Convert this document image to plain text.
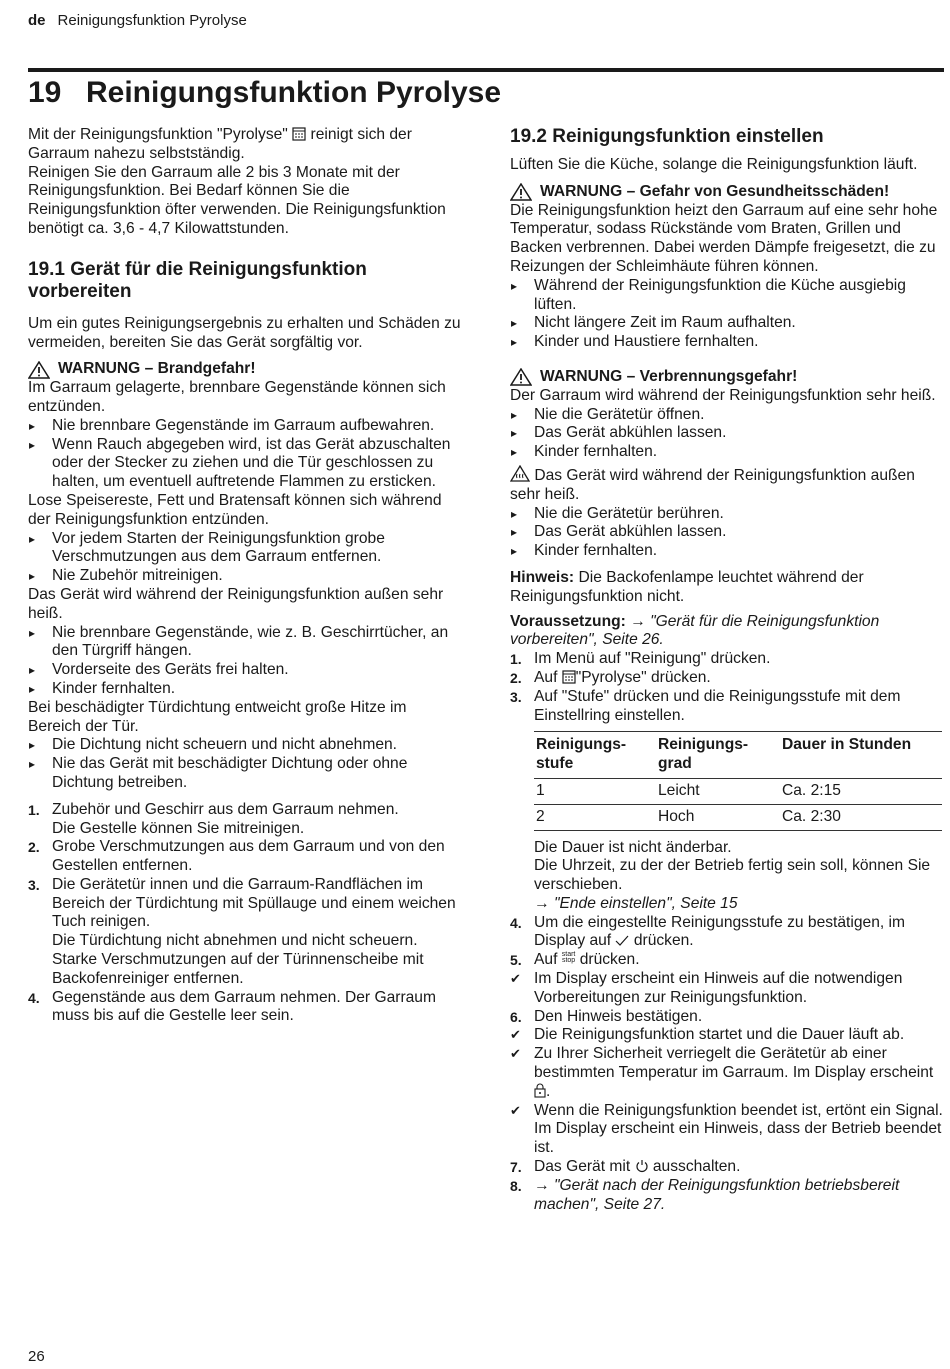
de Reinigungsfunktion Pyrolyse
19 Reinigungsfunktion Pyrolyse

Mit der Reinigungsfunktion "Pyrolyse" reinigt sich der Garraum nahezu selbstständig.

Reinigen Sie den Garraum alle 2 bis 3 Monate mit der Reinigungsfunktion. Bei Bedarf können Sie die Reinigungsfunktion öfter verwenden. Die Reinigungsfunktion benötigt ca. 3,6 - 4,7 Kilowattstunden.

19.1 Gerät für die Reinigungsfunktion vorbereiten

Um ein gutes Reinigungsergebnis zu erhalten und Schäden zu vermeiden, bereiten Sie das Gerät sorgfältig vor.

WARNUNG – Brandgefahr!

Im Garraum gelagerte, brennbare Gegenstände können sich entzünden.

▸ Nie brennbare Gegenstände im Garraum aufbewahren.
▸ Wenn Rauch abgegeben wird, ist das Gerät abzuschalten oder der Stecker zu ziehen und die Tür geschlossen zu halten, um eventuell auftretende Flammen zu ersticken.

Lose Speisereste, Fett und Bratensaft können sich während der Reinigungsfunktion entzünden.

▸ Vor jedem Starten der Reinigungsfunktion grobe Verschmutzungen aus dem Garraum entfernen.
▸ Nie Zubehör mitreinigen.

Das Gerät wird während der Reinigungsfunktion außen sehr heiß.

▸ Nie brennbare Gegenstände, wie z. B. Geschirrtücher, an den Türgriff hängen.
▸ Vorderseite des Geräts frei halten.
▸ Kinder fernhalten.

Bei beschädigter Türdichtung entweicht große Hitze im Bereich der Tür.

▸ Die Dichtung nicht scheuern und nicht abnehmen.
▸ Nie das Gerät mit beschädigter Dichtung oder ohne Dichtung betreiben.
1. Zubehör und Geschirr aus dem Garraum nehmen.
Die Gestelle können Sie mitreinigen.
2. Grobe Verschmutzungen aus dem Garraum und von den Gestellen entfernen.
3. Die Gerätetür innen und die Garraum-Randflächen im Bereich der Türdichtung mit Spüllauge und einem weichen Tuch reinigen.
Die Türdichtung nicht abnehmen und nicht scheuern.
Starke Verschmutzungen auf der Türinnenscheibe mit Backofenreiniger entfernen.
4. Gegenstände aus dem Garraum nehmen. Der Garraum muss bis auf die Gestelle leer sein.
19.2 Reinigungsfunktion einstellen

Lüften Sie die Küche, solange die Reinigungsfunktion läuft.

WARNUNG – Gefahr von Gesundheitsschäden!

Die Reinigungsfunktion heizt den Garraum auf eine sehr hohe Temperatur, sodass Rückstände vom Braten, Grillen und Backen verbrennen. Dabei werden Dämpfe freigesetzt, die zu Reizungen der Schleimhäute führen können.

▸ Während der Reinigungsfunktion die Küche ausgiebig lüften.
▸ Nicht längere Zeit im Raum aufhalten.
▸ Kinder und Haustiere fernhalten.
WARNUNG – Verbrennungsgefahr!

Der Garraum wird während der Reinigungsfunktion sehr heiß.

▸ Nie die Gerätetür öffnen.
▸ Das Gerät abkühlen lassen.
▸ Kinder fernhalten.

Das Gerät wird während der Reinigungsfunktion außen sehr heiß.

▸ Nie die Gerätetür berühren.
▸ Das Gerät abkühlen lassen.
▸ Kinder fernhalten.

Hinweis: Die Backofenlampe leuchtet während der Reinigungsfunktion nicht.

Voraussetzung: → "Gerät für die Reinigungsfunktion vorbereiten", Seite 26.

1. Im Menü auf "Reinigung" drücken.
2. Auf "Pyrolyse" drücken.
3. Auf "Stufe" drücken und die Reinigungsstufe mit dem Einstellring einstellen.
Reinigungs-stufe	Reinigungs-grad	Dauer in Stunden
1	Leicht	Ca. 2:15
2	Hoch	Ca. 2:30
Die Dauer ist nicht änderbar.
Die Uhrzeit, zu der der Betrieb fertig sein soll, können Sie verschieben.
→ "Ende einstellen", Seite 15
4. Um die eingestellte Reinigungsstufe zu bestätigen, im Display auf drücken.
5. Auf start
stop drücken.
✔ Im Display erscheint ein Hinweis auf die notwendigen Vorbereitungen zur Reinigungsfunktion.
6. Den Hinweis bestätigen.
✔ Die Reinigungsfunktion startet und die Dauer läuft ab.
✔ Zu Ihrer Sicherheit verriegelt die Gerätetür ab einer bestimmten Temperatur im Garraum. Im Display erscheint .
✔ Wenn die Reinigungsfunktion beendet ist, ertönt ein Signal. Im Display erscheint ein Hinweis, dass der Betrieb beendet ist.
7. Das Gerät mit ausschalten.
8. → "Gerät nach der Reinigungsfunktion betriebsbereit machen", Seite 27.
26
